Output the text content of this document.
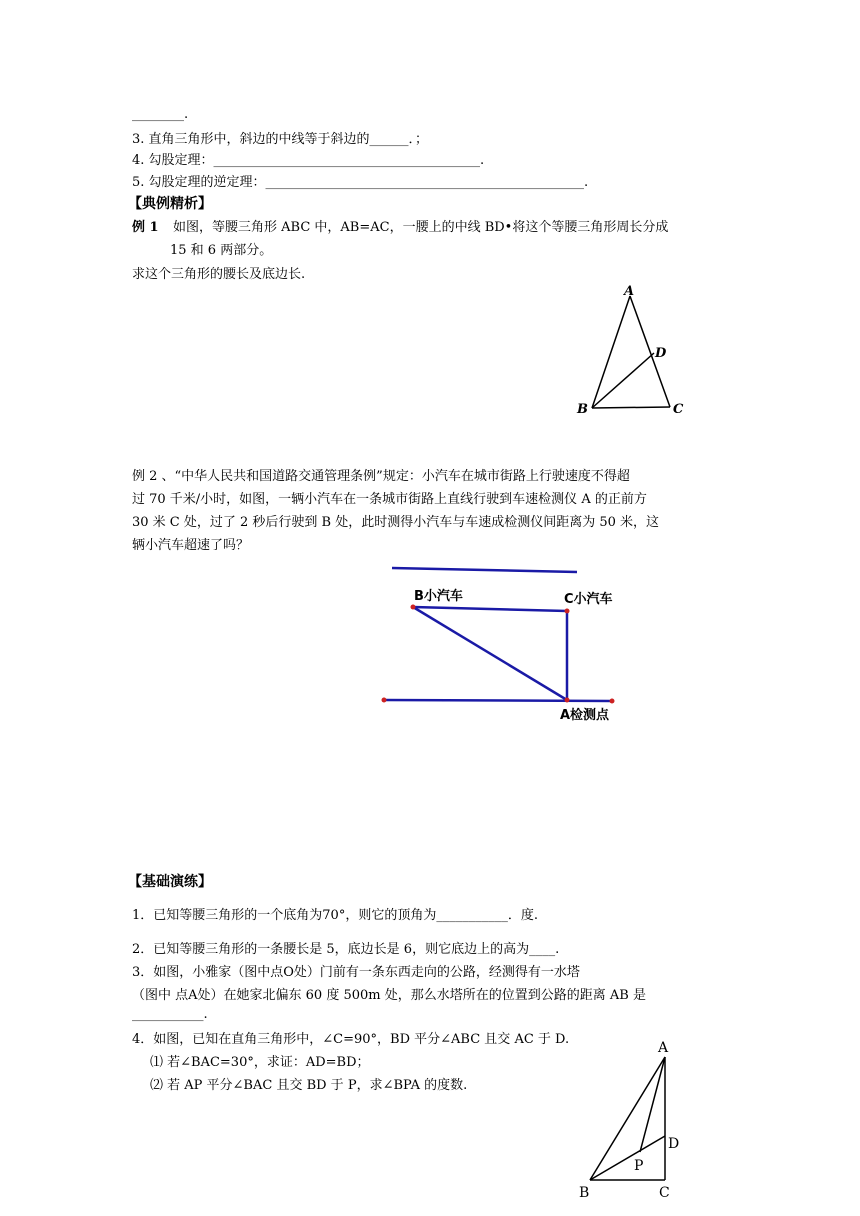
________.
3. 直角三角形中，斜边的中线等于斜边的______．；
4. 勾股定理：_________________________________________.
5. 勾股定理的逆定理：_________________________________________________.
【典例精析】
例 1 如图，等腰三角形 ABC 中，AB=AC，一腰上的中线 BD•将这个等腰三角形周长分成
15 和 6 两部分。
求这个三角形的腰长及底边长.
A
D
B	C
例 2 、“中华人民共和国道路交通管理条例”规定：小汽车在城市街路上行驶速度不得超
过 70 千米/小时，如图，一辆小汽车在一条城市街路上直线行驶到车速检测仪 A 的正前方
30 米 C 处，过了 2 秒后行驶到 B 处，此时测得小汽车与车速成检测仪间距离为 50 米，这
辆小汽车超速了吗？
B小汽车	C小汽车
A检测点
【基础演练】
1．已知等腰三角形的一个底角为70°，则它的顶角为___________．度.
2．已知等腰三角形的一条腰长是 5，底边长是 6，则它底边上的高为____.
3．如图，小雅家（图中点O处）门前有一条东西走向的公路，经测得有一水塔
（图中 点A处）在她家北偏东 60 度 500m 处，那么水塔所在的位置到公路的距离 AB 是
___________.
4．如图，已知在直角三角形中，∠C=90°，BD 平分∠ABC 且交 AC 于 D.
⑴ 若∠BAC=30°，求证：AD=BD；
⑵ 若 AP 平分∠BAC 且交 BD 于 P，求∠BPA 的度数.
A
D
P
B	C
